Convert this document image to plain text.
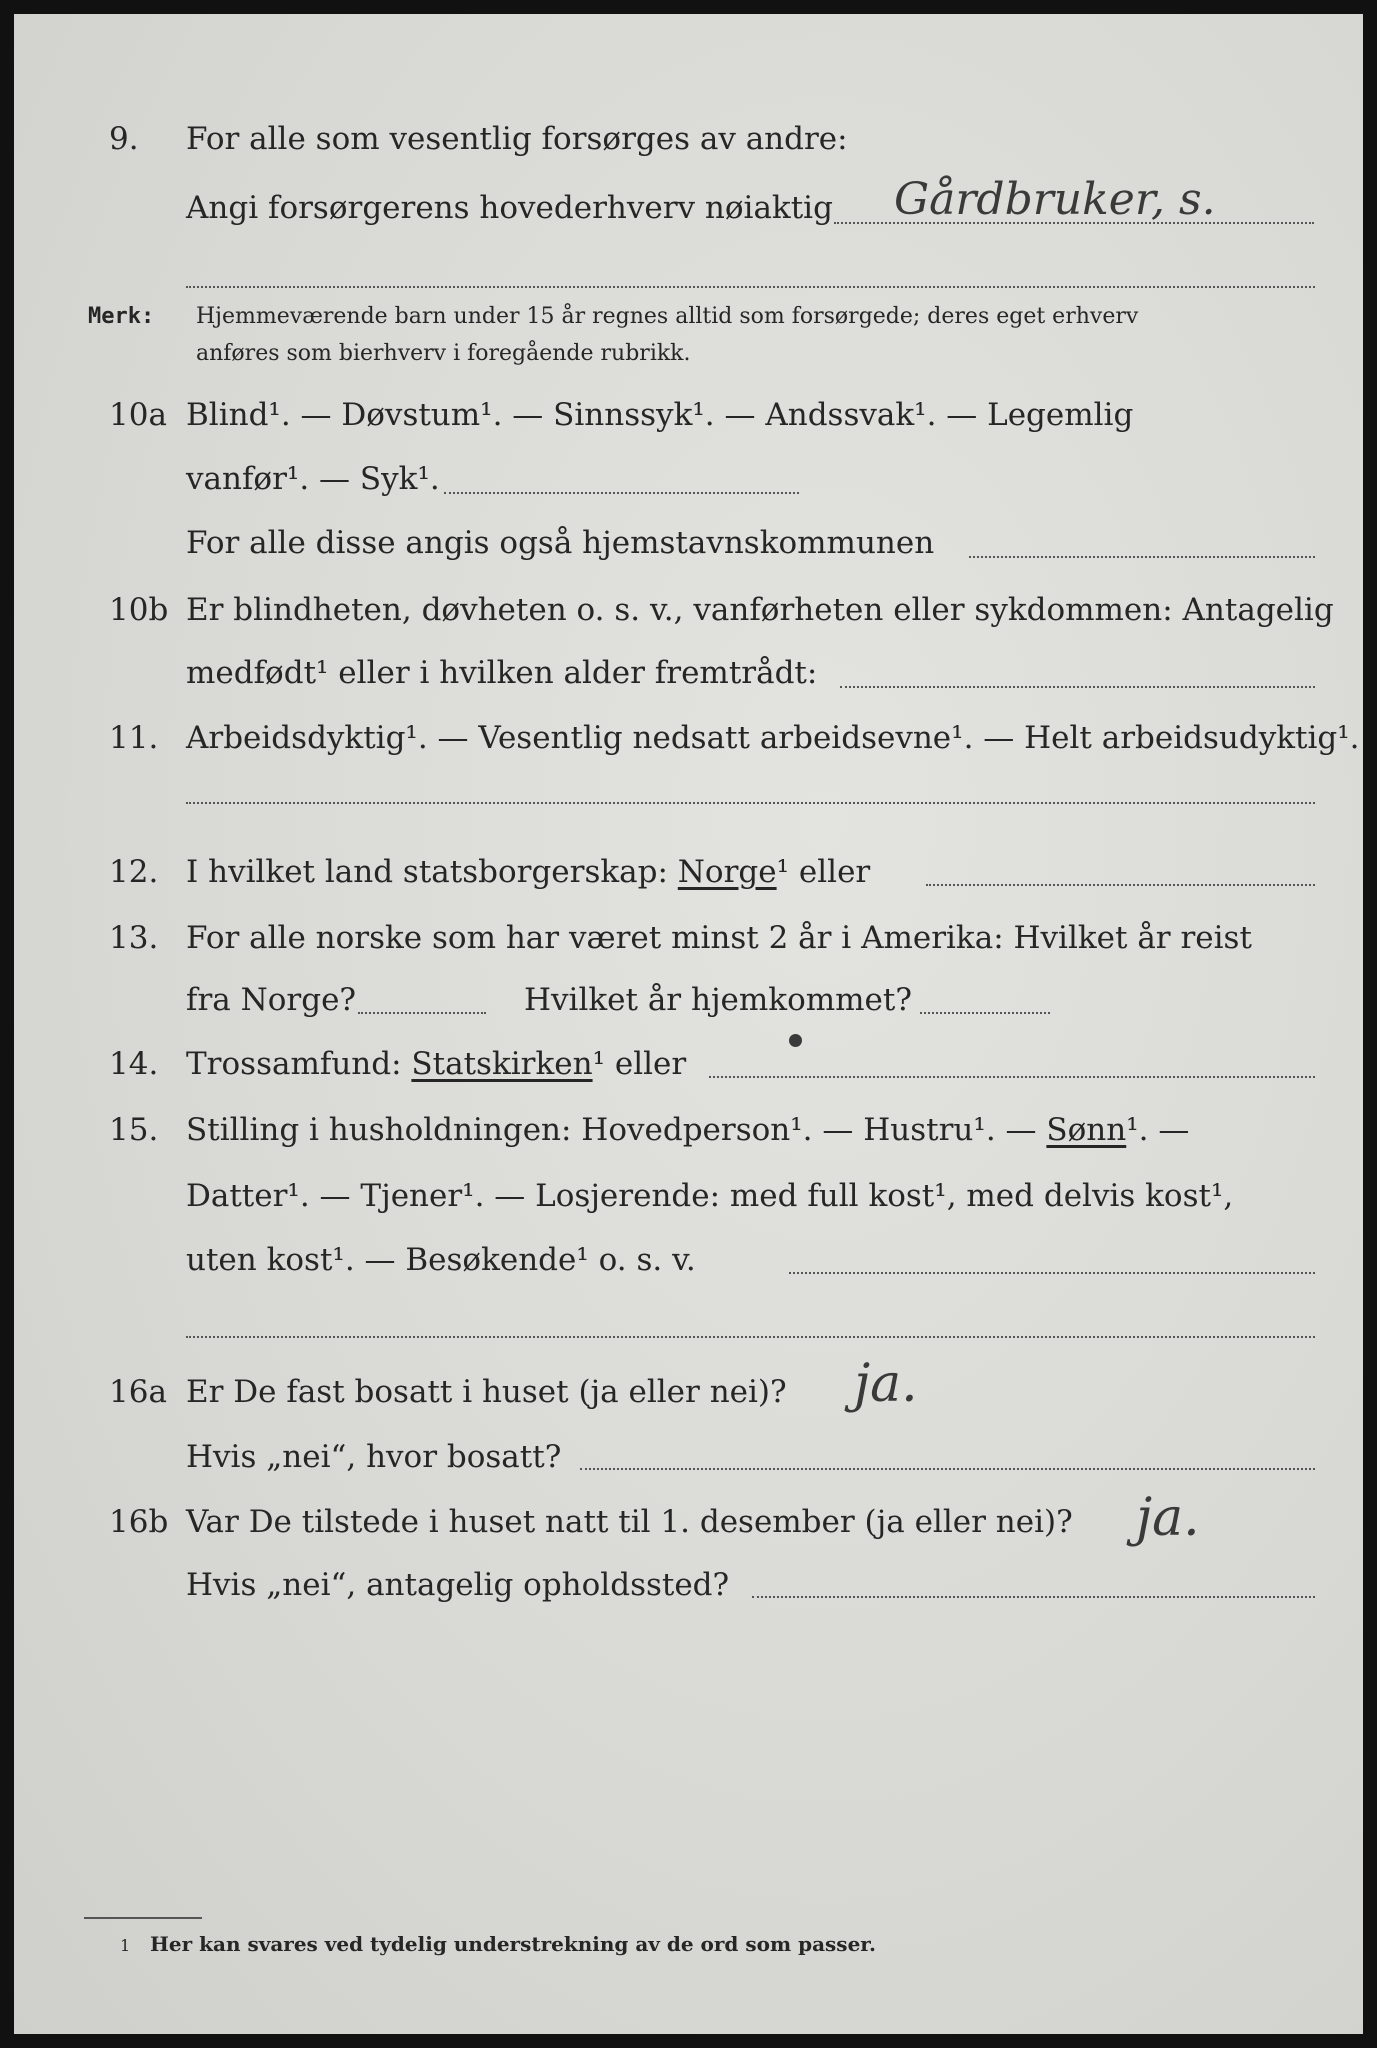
9. For alle som vesentlig forsørges av andre:
Angi forsørgerens hovederhverv nøiaktig Gårdbruker, s.
Merk: Hjemmeværende barn under 15 år regnes alltid som forsørgede; deres eget erhverv
anføres som bierhverv i foregående rubrikk.
10a Blind¹. — Døvstum¹. — Sinnssyk¹. — Andssvak¹. — Legemlig
vanfør¹. — Syk¹.
For alle disse angis også hjemstavnskommunen
10b Er blindheten, døvheten o. s. v., vanførheten eller sykdommen: Antagelig
medfødt¹ eller i hvilken alder fremtrådt:
11. Arbeidsdyktig¹. — Vesentlig nedsatt arbeidsevne¹. — Helt arbeidsudyktig¹.
12. I hvilket land statsborgerskap: Norge¹ eller
13. For alle norske som har været minst 2 år i Amerika: Hvilket år reist
fra Norge?	Hvilket år hjemkommet?
14. Trossamfund: Statskirken¹ eller
15. Stilling i husholdningen: Hovedperson¹. — Hustru¹. — Sønn¹. —
Datter¹. — Tjener¹. — Losjerende: med full kost¹, med delvis kost¹,
uten kost¹. — Besøkende¹ o. s. v.
16a Er De fast bosatt i huset (ja eller nei)? ja.
Hvis „nei“, hvor bosatt?
16b Var De tilstede i huset natt til 1. desember (ja eller nei)? ja.
Hvis „nei“, antagelig opholdssted?
1 Her kan svares ved tydelig understrekning av de ord som passer.
